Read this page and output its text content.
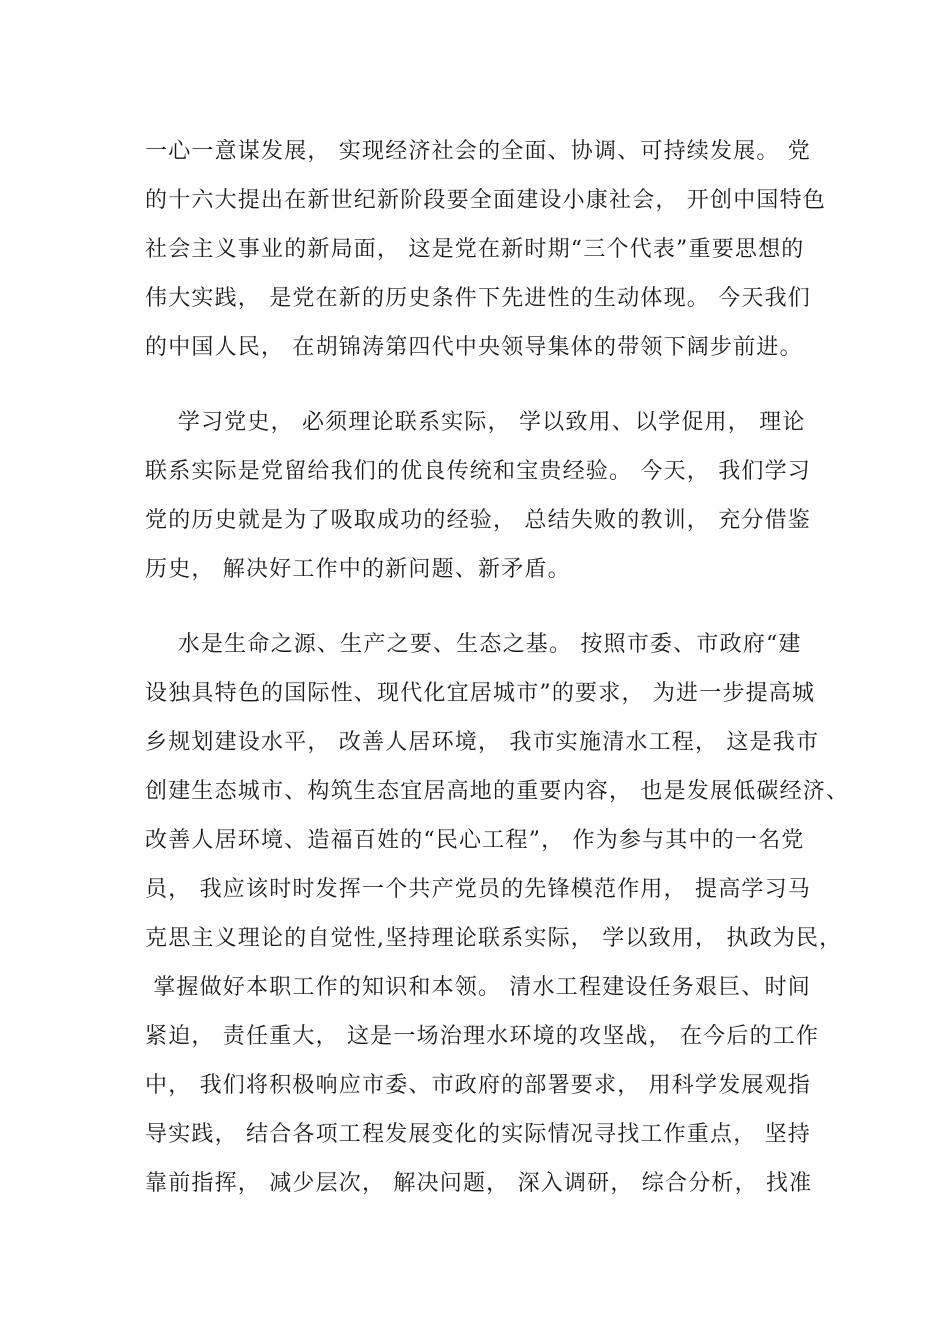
一心一意谋发展， 实现经济社会的全面、协调、可持续发展。 党
的十六大提出在新世纪新阶段要全面建设小康社会， 开创中国特色
社会主义事业的新局面， 这是党在新时期“三个代表”重要思想的
伟大实践， 是党在新的历史条件下先进性的生动体现。 今天我们
的中国人民， 在胡锦涛第四代中央领导集体的带领下阔步前进。
学习党史， 必须理论联系实际， 学以致用、以学促用， 理论
联系实际是党留给我们的优良传统和宝贵经验。 今天， 我们学习
党的历史就是为了吸取成功的经验， 总结失败的教训， 充分借鉴
历史， 解决好工作中的新问题、新矛盾。
水是生命之源、生产之要、生态之基。 按照市委、市政府“建
设独具特色的国际性、现代化宜居城市”的要求， 为进一步提高城
乡规划建设水平， 改善人居环境， 我市实施清水工程， 这是我市
创建生态城市、构筑生态宜居高地的重要内容， 也是发展低碳经济、
改善人居环境、造福百姓的“民心工程”， 作为参与其中的一名党
员， 我应该时时发挥一个共产党员的先锋模范作用， 提高学习马
克思主义理论的自觉性,坚持理论联系实际， 学以致用， 执政为民，
掌握做好本职工作的知识和本领。 清水工程建设任务艰巨、时间
紧迫， 责任重大， 这是一场治理水环境的攻坚战， 在今后的工作
中， 我们将积极响应市委、市政府的部署要求， 用科学发展观指
导实践， 结合各项工程发展变化的实际情况寻找工作重点， 坚持
靠前指挥， 减少层次， 解决问题， 深入调研， 综合分析， 找准
